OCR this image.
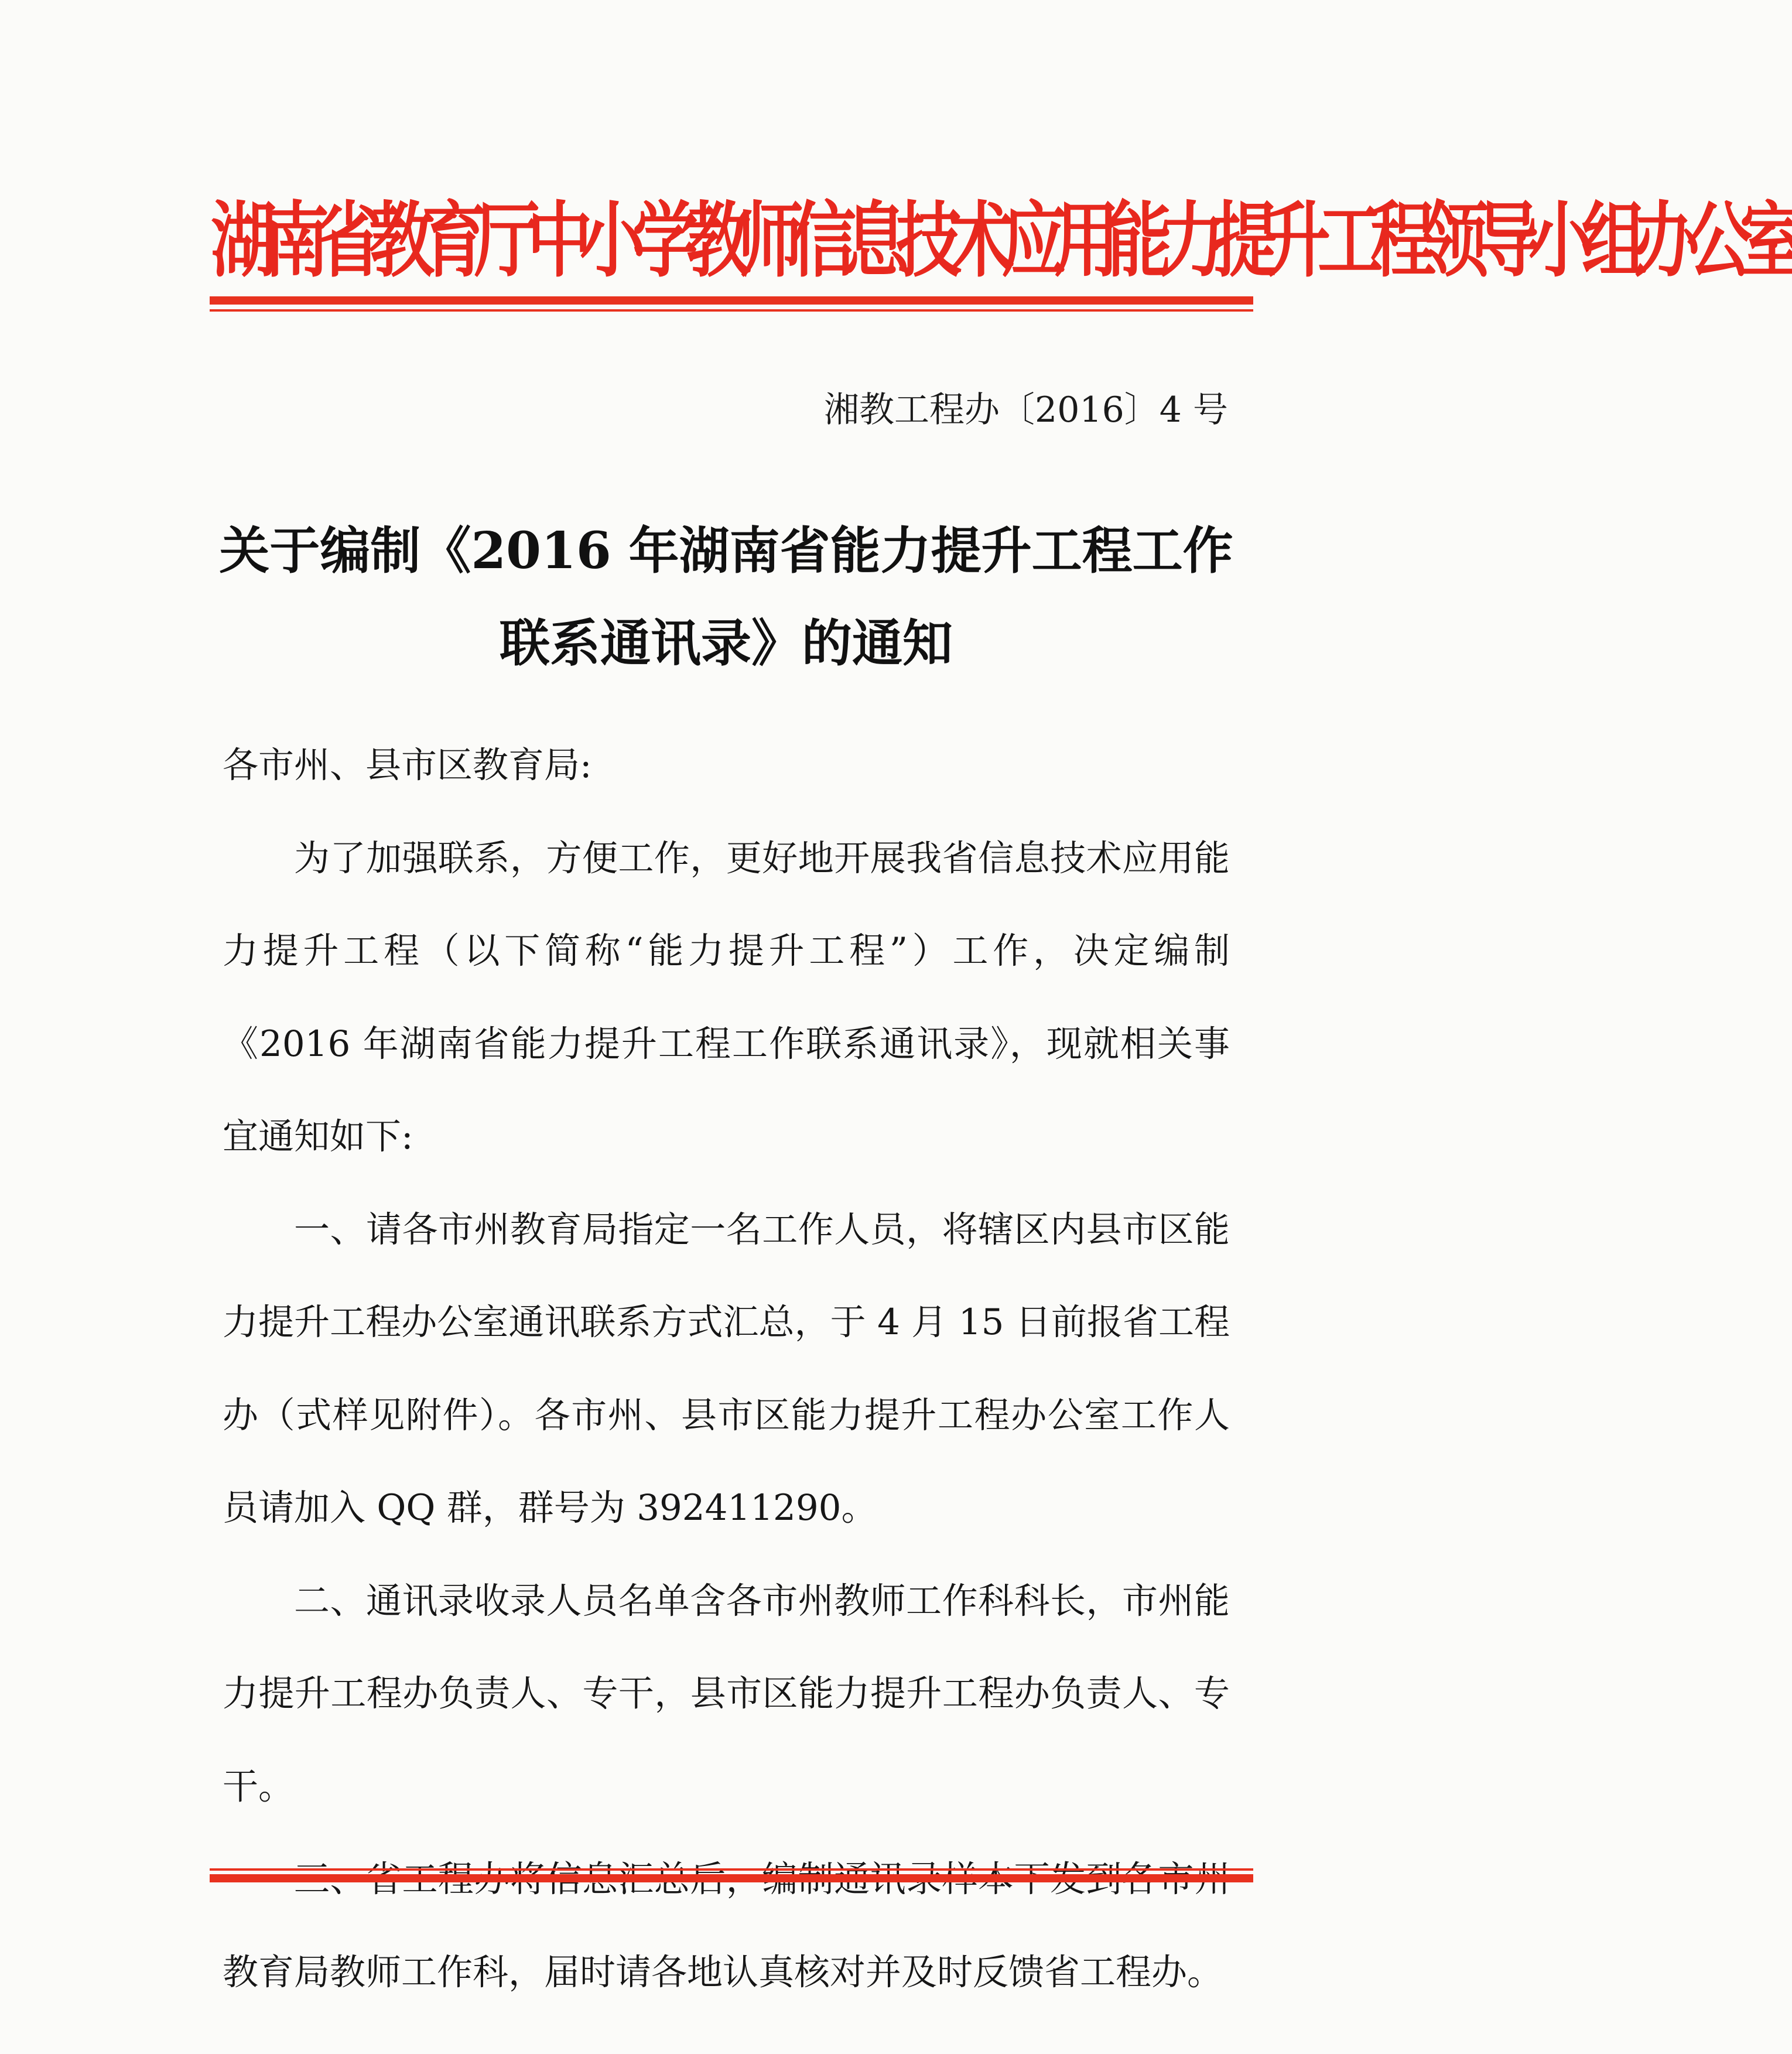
湖南省教育厅中小学教师信息技术应用能力提升工程领导小组办公室
湘教工程办〔2016〕4 号
关于编制《2016 年湖南省能力提升工程工作
联系通讯录》的通知

各市州、县市区教育局:

为了加强联系，方便工作，更好地开展我省信息技术应用能力提升工程（以下简称“能力提升工程”）工作，决定编制《2016 年湖南省能力提升工程工作联系通讯录》，现就相关事宜通知如下:

一、请各市州教育局指定一名工作人员，将辖区内县市区能力提升工程办公室通讯联系方式汇总，于 4 月 15 日前报省工程办（式样见附件）。各市州、县市区能力提升工程办公室工作人员请加入 QQ 群，群号为 392411290。

二、通讯录收录人员名单含各市州教师工作科科长，市州能力提升工程办负责人、专干，县市区能力提升工程办负责人、专干。

教育局教师工作科，届时请各地认真核对并及时反馈省工程办。
